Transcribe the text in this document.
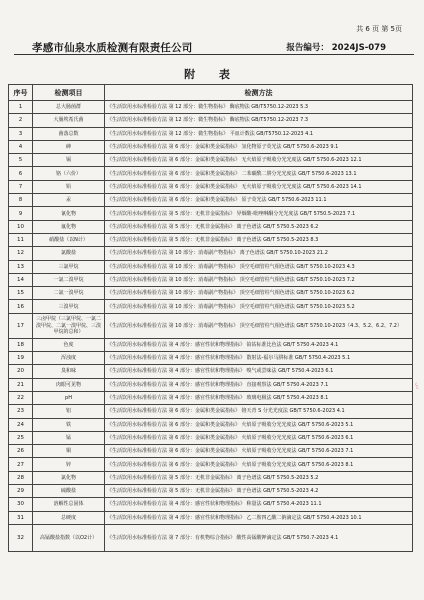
共 6 页 第 5页
孝感市仙泉水质检测有限责任公司	报告编号： 2024JS-079
附 表
序号	检测项目	检测方法
1	总大肠菌群	《生活饮用水标准检验方法 第 12 部分：微生物指标》 酶底物法 GB/T5750.12-2023 5.3
2	大肠埃希氏菌	《生活饮用水标准检验方法 第 12 部分：微生物指标》 酶底物法 GB/T5750.12-2023 7.3
3	菌落总数	《生活饮用水标准检验方法 第 12 部分：微生物指标》 平皿计数法 GB/T5750.12-2023 4.1
4	砷	《生活饮用水标准检验方法 第 6 部分：金属和类金属指标》 氢化物原子荧光法 GB/T 5750.6-2023 9.1
5	镉	《生活饮用水标准检验方法 第 6 部分：金属和类金属指标》 无火焰原子吸收分光光度法 GB/T 5750.6-2023 12.1
6	铬（六价）	《生活饮用水标准检验方法 第 6 部分：金属和类金属指标》 二苯碳酰二肼分光光度法 GB/T 5750.6-2023 13.1
7	铅	《生活饮用水标准检验方法 第 6 部分：金属和类金属指标》 无火焰原子吸收分光光度法 GB/T 5750.6-2023 14.1
8	汞	《生活饮用水标准检验方法 第 6 部分：金属和类金属指标》 原子荧光法 GB/T 5750.6-2023 11.1
9	氰化物	《生活饮用水标准检验方法 第 5 部分：无机非金属指标》 异烟酸-吡唑啉酮分光光度法 GB/T 5750.5-2023 7.1
10	氟化物	《生活饮用水标准检验方法 第 5 部分：无机非金属指标》 离子色谱法 GB/T 5750.5-2023 6.2
11	硝酸盐（以N计）	《生活饮用水标准检验方法 第 5 部分：无机非金属指标》 离子色谱法 GB/T 5750.5-2023 8.3
12	氯酸盐	《生活饮用水标准检验方法 第 10 部分：消毒副产物指标》 离子色谱法 GB/T 5750.10-2023 21.2
13	三氯甲烷	《生活饮用水标准检验方法 第 10 部分：消毒副产物指标》 顶空毛细管柱气相色谱法 GB/T 5750.10-2023 4.3
14	一氯二溴甲烷	《生活饮用水标准检验方法 第 10 部分：消毒副产物指标》 顶空毛细管柱气相色谱法 GB/T 5750.10-2023 7.2
15	二氯一溴甲烷	《生活饮用水标准检验方法 第 10 部分：消毒副产物指标》 顶空毛细管柱气相色谱法 GB/T 5750.10-2023 6.2
16	三溴甲烷	《生活饮用水标准检验方法 第 10 部分：消毒副产物指标》 顶空毛细管柱气相色谱法 GB/T 5750.10-2023 5.2
17	三卤甲烷（三氯甲烷、一氯二溴甲烷、二氯一溴甲烷、三溴甲烷的总和）	《生活饮用水标准检验方法 第 10 部分：消毒副产物指标》 顶空毛细管柱气相色谱法 GB/T 5750.10-2023（4.3、5.2、6.2、7.2）
18	色度	《生活饮用水标准检验方法 第 4 部分：感官性状和物理指标》 铂钴标准比色法 GB/T 5750.4-2023 4.1
19	浑浊度	《生活饮用水标准检验方法 第 4 部分：感官性状和物理指标》 散射法-福尔马肼标准 GB/T 5750.4-2023 5.1
20	臭和味	《生活饮用水标准检验方法 第 4 部分：感官性状和物理指标》 嗅气或尝味法 GB/T 5750.4-2023 6.1
21	肉眼可见物	《生活饮用水标准检验方法 第 4 部分：感官性状和物理指标》 直接观察法 GB/T 5750.4-2023 7.1
22	pH	《生活饮用水标准检验方法 第 4 部分：感官性状和物理指标》 玻璃电极法 GB/T 5750.4-2023 8.1
23	铝	《生活饮用水标准检验方法 第 6 部分：金属和类金属指标》 铬天青 S 分光光度法 GB/T 5750.6-2023 4.1
24	铁	《生活饮用水标准检验方法 第 6 部分：金属和类金属指标》 火焰原子吸收分光光度法 GB/T 5750.6-2023 5.1
25	锰	《生活饮用水标准检验方法 第 6 部分：金属和类金属指标》 火焰原子吸收分光光度法 GB/T 5750.6-2023 6.1
26	铜	《生活饮用水标准检验方法 第 6 部分：金属和类金属指标》 火焰原子吸收分光光度法 GB/T 5750.6-2023 7.1
27	锌	《生活饮用水标准检验方法 第 6 部分：金属和类金属指标》 火焰原子吸收分光光度法 GB/T 5750.6-2023 8.1
28	氯化物	《生活饮用水标准检验方法 第 5 部分：无机非金属指标》 离子色谱法 GB/T 5750.5-2023 5.2
29	硫酸盐	《生活饮用水标准检验方法 第 5 部分：无机非金属指标》 离子色谱法 GB/T 5750.5-2023 4.2
30	溶解性总固体	《生活饮用水标准检验方法 第 4 部分：感官性状和物理指标》 称量法 GB/T 5750.4-2023 11.1
31	总硬度	《生活饮用水标准检验方法 第 4 部分：感官性状和物理指标》 乙二胺四乙酸二钠滴定法 GB/T 5750.4-2023 10.1
32	高锰酸盐指数（以O2计）	《生活饮用水标准检验方法 第 7 部分：有机物综合指标》 酸性高锰酸钾滴定法 GB/T 5750.7-2023 4.1
〰
